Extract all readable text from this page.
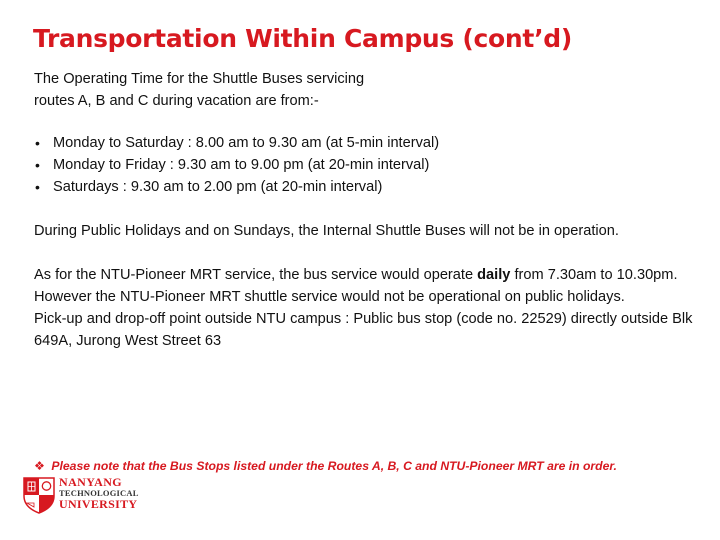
Transportation Within Campus (cont’d)

The Operating Time for the Shuttle Buses servicing
routes A, B and C during vacation are from:-

• Monday to Saturday : 8.00 am to 9.30 am (at 5-min interval)
• Monday to Friday : 9.30 am to 9.00 pm (at 20-min interval)
• Saturdays : 9.30 am to 2.00 pm (at 20-min interval)

During Public Holidays and on Sundays, the Internal Shuttle Buses will not be in operation.

As for the NTU-Pioneer MRT service, the bus service would operate daily from 7.30am to 10.30pm. However the NTU-Pioneer MRT shuttle service would not be operational on public holidays.

Pick-up and drop-off point outside NTU campus : Public bus stop (code no. 22529) directly outside Blk 649A, Jurong West Street 63

❖ Please note that the Bus Stops listed under the Routes A, B, C and NTU-Pioneer MRT are in order.
NANYANG
TECHNOLOGICAL
UNIVERSITY
